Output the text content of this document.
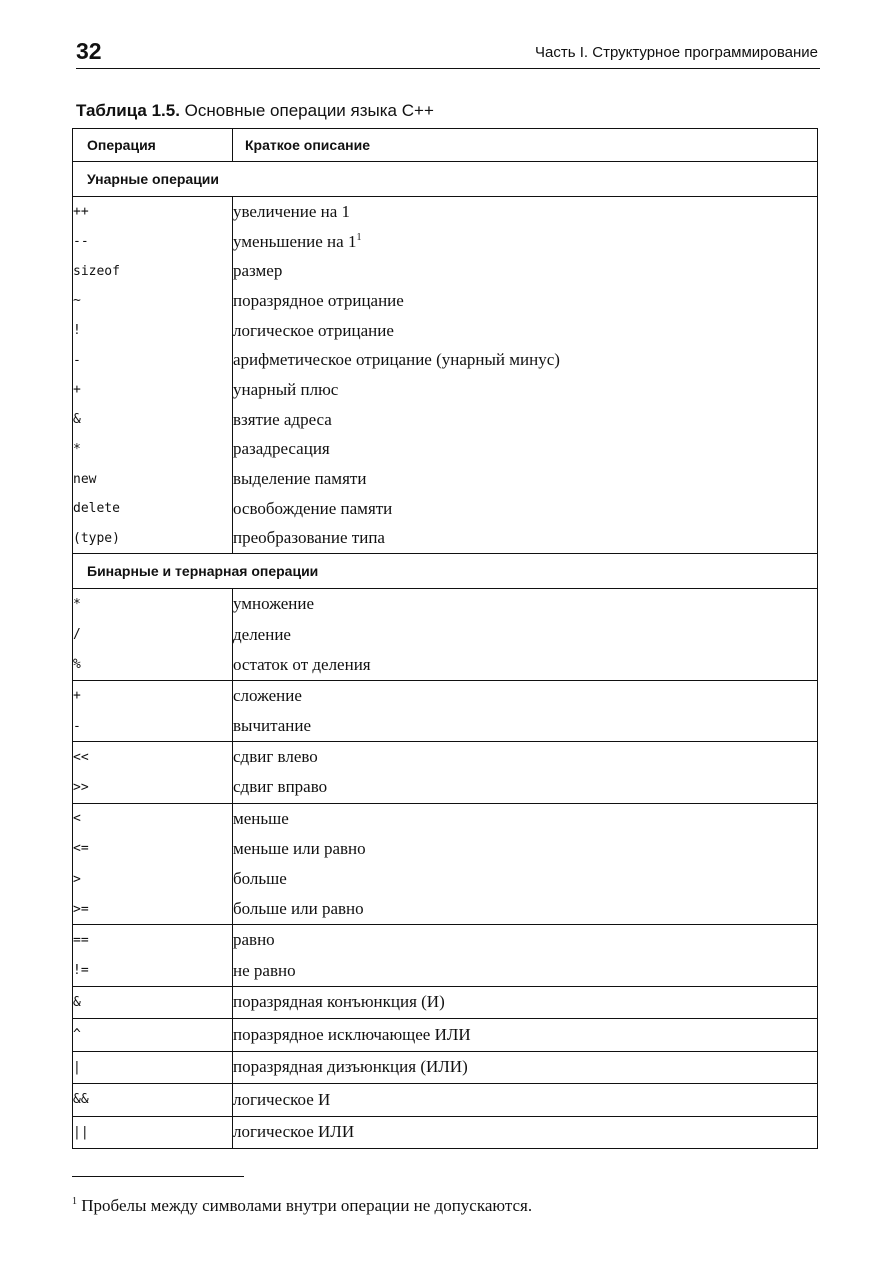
32	Часть I. Структурное программирование
Таблица 1.5. Основные операции языка С++
Операция	Краткое описание
Унарные операции	
++	увеличение на 1
--	уменьшение на $1^1$
sizeof	размер
~	поразрядное отрицание
!	логическое отрицание
-	арифметическое отрицание (унарный минус)
+	унарный плюс
&	взятие адреса
*	разадресация
new	выделение памяти
delete	освобождение памяти
(type)	преобразование типа
Бинарные и тернарная операции	
*	умножение
/	деление
%	остаток от деления
+	сложение
-	вычитание
<<	сдвиг влево
>>	сдвиг вправо
<	меньше
<=	меньше или равно
>	больше
>=	больше или равно
==	равно
!=	не равно
&	поразрядная конъюнкция (И)
^	поразрядное исключающее ИЛИ
|	поразрядная дизъюнкция (ИЛИ)
&&	логическое И
||	логическое ИЛИ
$^1$ Пробелы между символами внутри операции не допускаются.
